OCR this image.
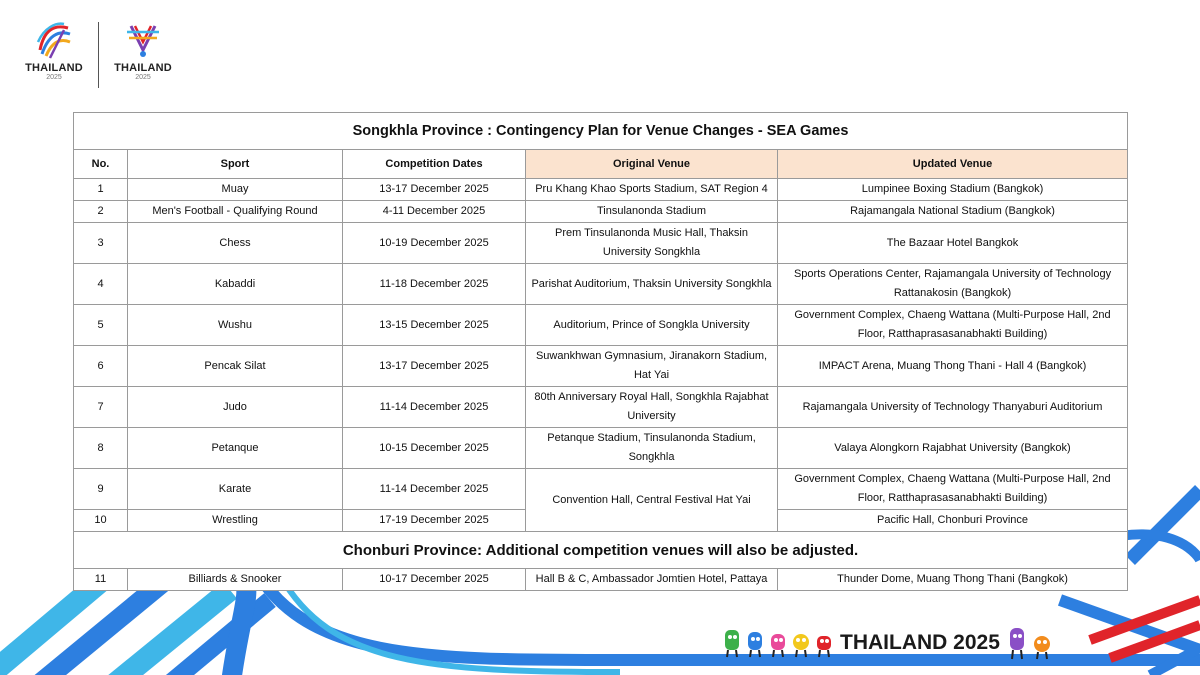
THAILAND
2025
THAILAND
2025
Songkhla Province : Contingency Plan for Venue Changes - SEA Games				
No.	Sport	Competition Dates	Original Venue	Updated Venue
1	Muay	13-17 December 2025	Pru Khang Khao Sports Stadium, SAT Region 4	Lumpinee Boxing Stadium (Bangkok)
2	Men's Football - Qualifying Round	4-11 December 2025	Tinsulanonda Stadium	Rajamangala National Stadium (Bangkok)
3	Chess	10-19 December 2025	Prem Tinsulanonda Music Hall, Thaksin University Songkhla	The Bazaar Hotel Bangkok
4	Kabaddi	11-18 December 2025	Parishat Auditorium, Thaksin University Songkhla	Sports Operations Center, Rajamangala University of Technology Rattanakosin (Bangkok)
5	Wushu	13-15 December 2025	Auditorium, Prince of Songkla University	Government Complex, Chaeng Wattana (Multi-Purpose Hall, 2nd Floor, Ratthaprasasanabhakti Building)
6	Pencak Silat	13-17 December 2025	Suwankhwan Gymnasium, Jiranakorn Stadium, Hat Yai	IMPACT Arena, Muang Thong Thani - Hall 4 (Bangkok)
7	Judo	11-14 December 2025	80th Anniversary Royal Hall, Songkhla Rajabhat University	Rajamangala University of Technology Thanyaburi Auditorium
8	Petanque	10-15 December 2025	Petanque Stadium, Tinsulanonda Stadium, Songkhla	Valaya Alongkorn Rajabhat University (Bangkok)
9	Karate	11-14 December 2025	Convention Hall, Central Festival Hat Yai	Government Complex, Chaeng Wattana (Multi-Purpose Hall, 2nd Floor, Ratthaprasasanabhakti Building)
10	Wrestling	17-19 December 2025		Pacific Hall, Chonburi Province
Chonburi Province: Additional competition venues will also be adjusted.				
11	Billiards & Snooker	10-17 December 2025	Hall B & C, Ambassador Jomtien Hotel, Pattaya	Thunder Dome, Muang Thong Thani (Bangkok)
THAILAND 2025
